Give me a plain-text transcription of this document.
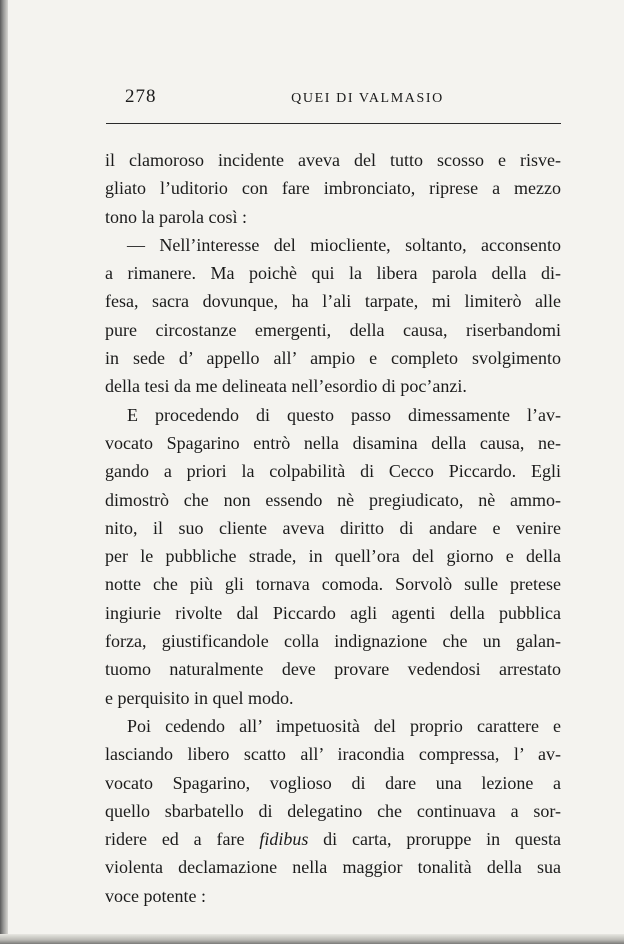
278	QUEI DI VALMASIO
il clamoroso incidente aveva del tutto scosso e risve-
gliato l’uditorio con fare imbronciato, riprese a mezzo
tono la parola così :
— Nell’interesse del miocliente, soltanto, acconsento
a rimanere. Ma poichè qui la libera parola della di-
fesa, sacra dovunque, ha l’ali tarpate, mi limiterò alle
pure circostanze emergenti, della causa, riserbandomi
in sede d’ appello all’ ampio e completo svolgimento
della tesi da me delineata nell’esordio di poc’anzi.
E procedendo di questo passo dimessamente l’av-
vocato Spagarino entrò nella disamina della causa, ne-
gando a priori la colpabilità di Cecco Piccardo. Egli
dimostrò che non essendo nè pregiudicato, nè ammo-
nito, il suo cliente aveva diritto di andare e venire
per le pubbliche strade, in quell’ora del giorno e della
notte che più gli tornava comoda. Sorvolò sulle pretese
ingiurie rivolte dal Piccardo agli agenti della pubblica
forza, giustificandole colla indignazione che un galan-
tuomo naturalmente deve provare vedendosi arrestato
e perquisito in quel modo.
Poi cedendo all’ impetuosità del proprio carattere e
lasciando libero scatto all’ iracondia compressa, l’ av-
vocato Spagarino, voglioso di dare una lezione a
quello sbarbatello di delegatino che continuava a sor-
ridere ed a fare fidibus di carta, proruppe in questa
violenta declamazione nella maggior tonalità della sua
voce potente :
